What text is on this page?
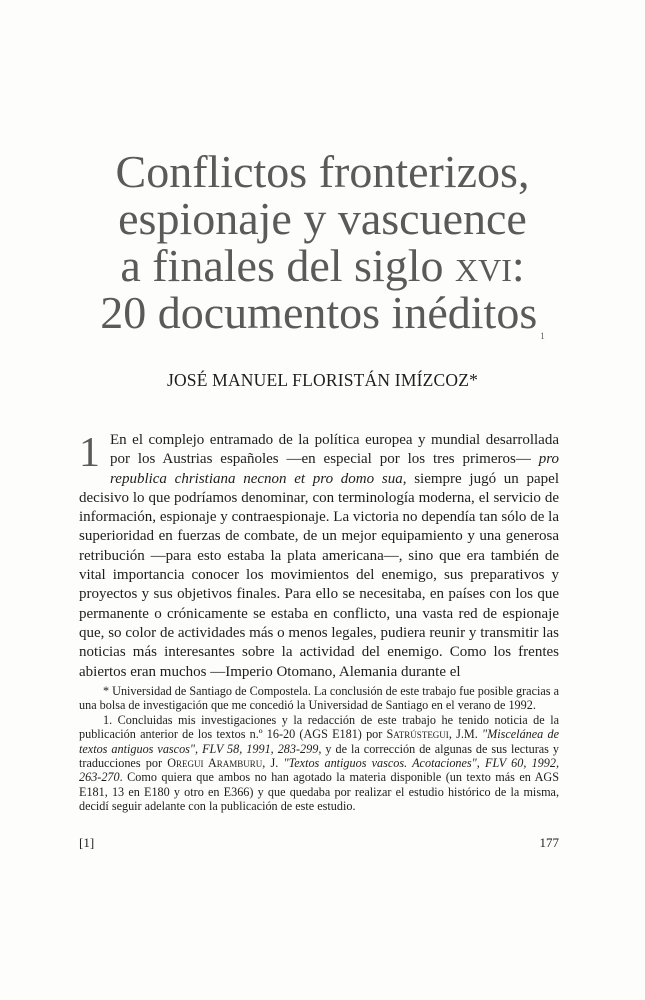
Conflictos fronterizos,
espionaje y vascuence
a finales del siglo xvi:
20 documentos inéditos $^1$

JOSÉ MANUEL FLORISTÁN IMÍZCOZ*

1 En el complejo entramado de la política europea y mundial desarrollada por los Austrias españoles —en especial por los tres primeros— pro republica christiana necnon et pro domo sua, siempre jugó un papel decisivo lo que podríamos denominar, con terminología moderna, el servicio de información, espionaje y contraespionaje. La victoria no dependía tan sólo de la superioridad en fuerzas de combate, de un mejor equipamiento y una generosa retribución —para esto estaba la plata americana—, sino que era también de vital importancia conocer los movimientos del enemigo, sus preparativos y proyectos y sus objetivos finales. Para ello se necesitaba, en países con los que permanente o crónicamente se estaba en conflicto, una vasta red de espionaje que, so color de actividades más o menos legales, pudiera reunir y transmitir las noticias más interesantes sobre la actividad del enemigo. Como los frentes abiertos eran muchos —Imperio Otomano, Alemania durante el

* Universidad de Santiago de Compostela. La conclusión de este trabajo fue posible gracias a una bolsa de investigación que me concedió la Universidad de Santiago en el verano de 1992.

1. Concluidas mis investigaciones y la redacción de este trabajo he tenido noticia de la publicación anterior de los textos n.º 16-20 (AGS E181) por Satrústegui, J.M. "Miscelánea de textos antiguos vascos", FLV 58, 1991, 283-299, y de la corrección de algunas de sus lecturas y traducciones por Oregui Aramburu, J. "Textos antiguos vascos. Acotaciones", FLV 60, 1992, 263-270. Como quiera que ambos no han agotado la materia disponible (un texto más en AGS E181, 13 en E180 y otro en E366) y que quedaba por realizar el estudio histórico de la misma, decidí seguir adelante con la publicación de este estudio.

[1]	177
